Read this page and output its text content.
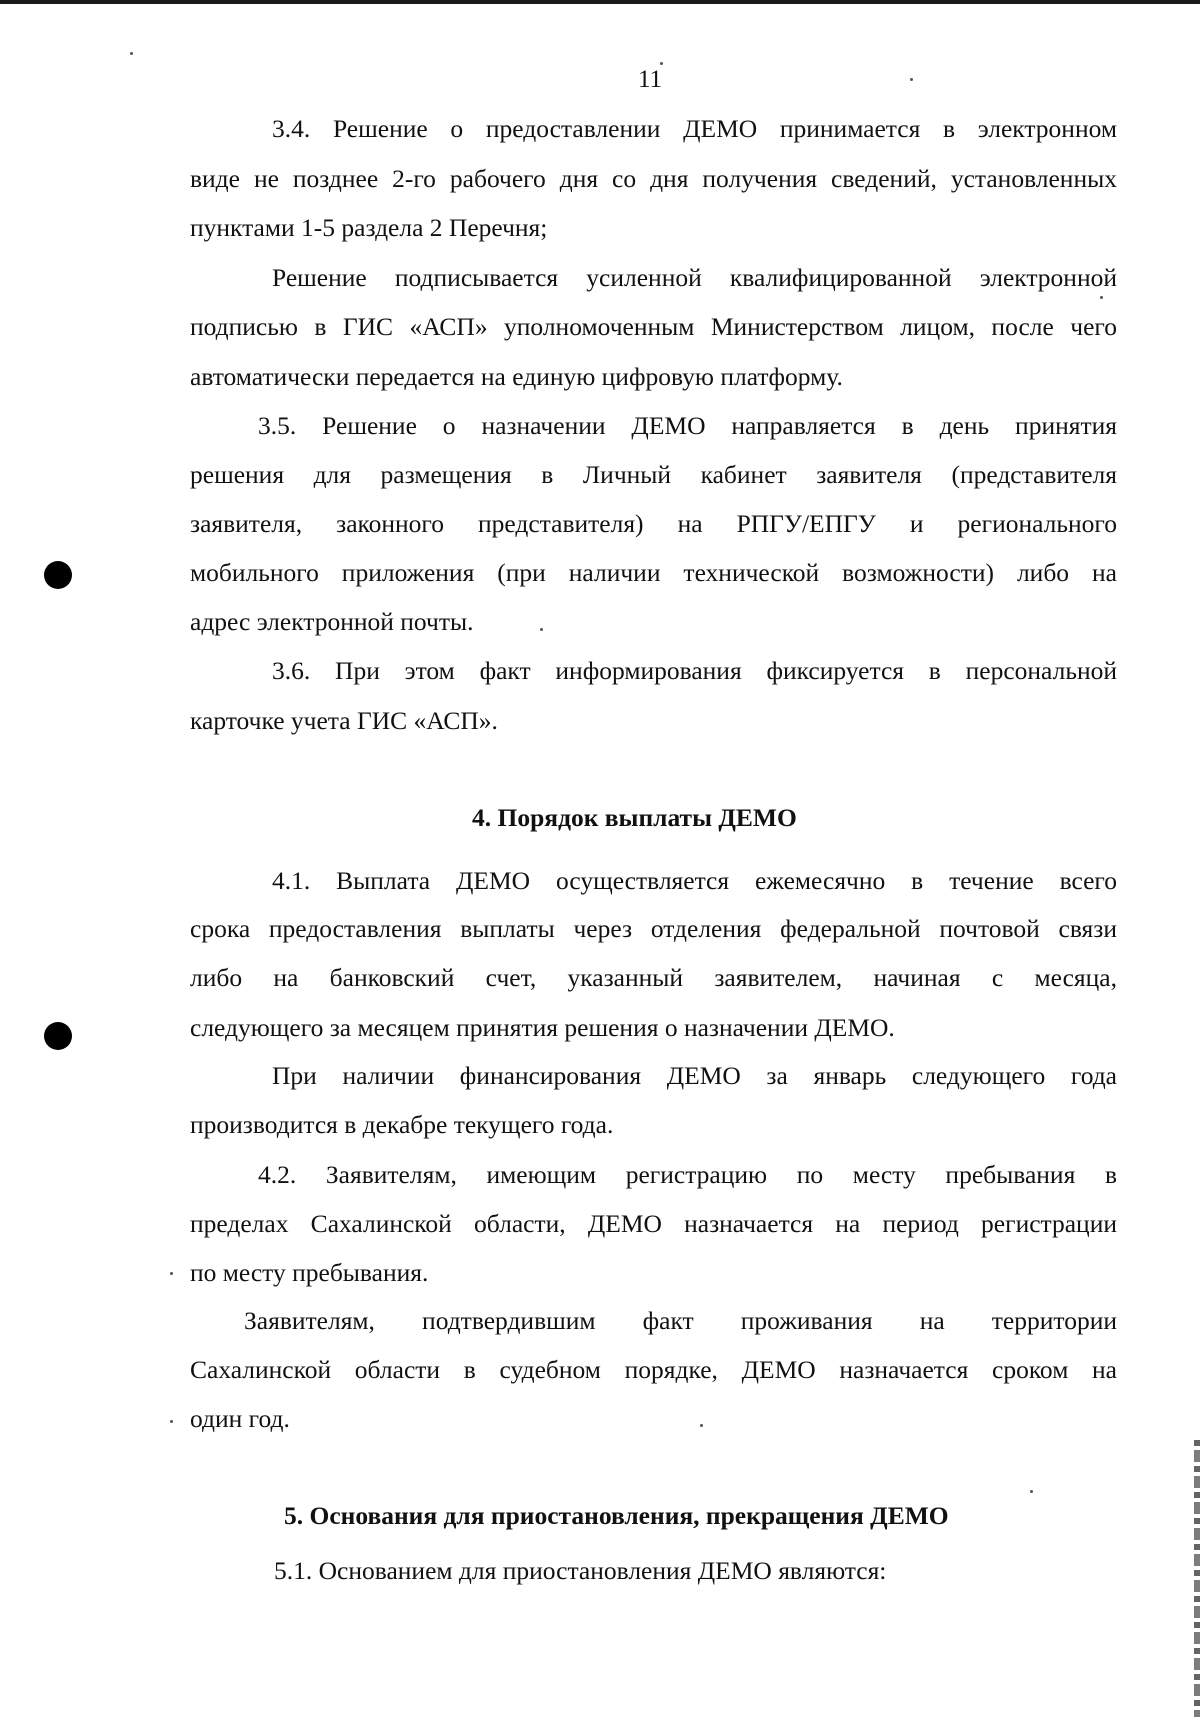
11
3.4. Решение о предоставлении ДЕМО принимается в электронном
виде не позднее 2-го рабочего дня со дня получения сведений, установленных
пунктами 1-5 раздела 2 Перечня;
Решение подписывается усиленной квалифицированной электронной
подписью в ГИС «АСП» уполномоченным Министерством лицом, после чего
автоматически передается на единую цифровую платформу.
3.5. Решение о назначении ДЕМО направляется в день принятия
решения для размещения в Личный кабинет заявителя (представителя
заявителя, законного представителя) на РПГУ/ЕПГУ и регионального
мобильного приложения (при наличии технической возможности) либо на
адрес электронной почты.
3.6. При этом факт информирования фиксируется в персональной
карточке учета ГИС «АСП».
4. Порядок выплаты ДЕМО
4.1. Выплата ДЕМО осуществляется ежемесячно в течение всего
срока предоставления выплаты через отделения федеральной почтовой связи
либо на банковский счет, указанный заявителем, начиная с месяца,
следующего за месяцем принятия решения о назначении ДЕМО.
При наличии финансирования ДЕМО за январь следующего года
производится в декабре текущего года.
4.2. Заявителям, имеющим регистрацию по месту пребывания в
пределах Сахалинской области, ДЕМО назначается на период регистрации
по месту пребывания.
Заявителям, подтвердившим факт проживания на территории
Сахалинской области в судебном порядке, ДЕМО назначается сроком на
один год.
5. Основания для приостановления, прекращения ДЕМО
5.1. Основанием для приостановления ДЕМО являются:
